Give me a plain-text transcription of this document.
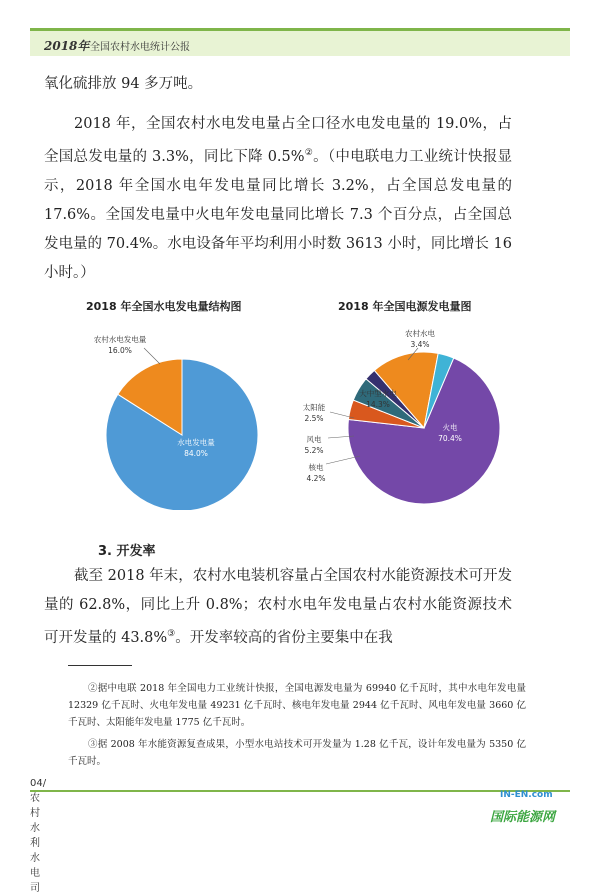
2018年 全国农村水电统计公报
氧化硫排放 94 多万吨。
2018 年，全国农村水电发电量占全口径水电发电量的 19.0%，占全国总发电量的 3.3%，同比下降 0.5%②。（中电联电力工业统计快报显示，2018 年全国水电年发电量同比增长 3.2%，占全国总发电量的 17.6%。全国发电量中火电年发电量同比增长 7.3 个百分点，占全国总发电量的 70.4%。水电设备年平均利用小时数 3613 小时，同比增长 16 小时。）
2018 年全国水电发电量结构图	2018 年全国电源发电量图
水电发电量
84.0%
农村水电发电量
16.0%
火电
70.4%
核电
4.2%
风电
5.2%
太阳能
2.5%
大中型水电
14.3%
农村水电
3.4%
3. 开发率
截至 2018 年末，农村水电装机容量占全国农村水能资源技术可开发量的 62.8%，同比上升 0.8%；农村水电年发电量占农村水能资源技术可开发量的 43.8%③。开发率较高的省份主要集中在我
②据中电联 2018 年全国电力工业统计快报，全国电源发电量为 69940 亿千瓦时，其中水电年发电量 12329 亿千瓦时、火电年发电量 49231 亿千瓦时、核电年发电量 2944 亿千瓦时、风电年发电量 3660 亿千瓦时、太阳能年发电量 1775 亿千瓦时。
③据 2008 年水能资源复查成果，小型水电站技术可开发量为 1.28 亿千瓦，设计年发电量为 5350 亿千瓦时。
04/农村水利水电司
IN-EN.com
国际能源网
